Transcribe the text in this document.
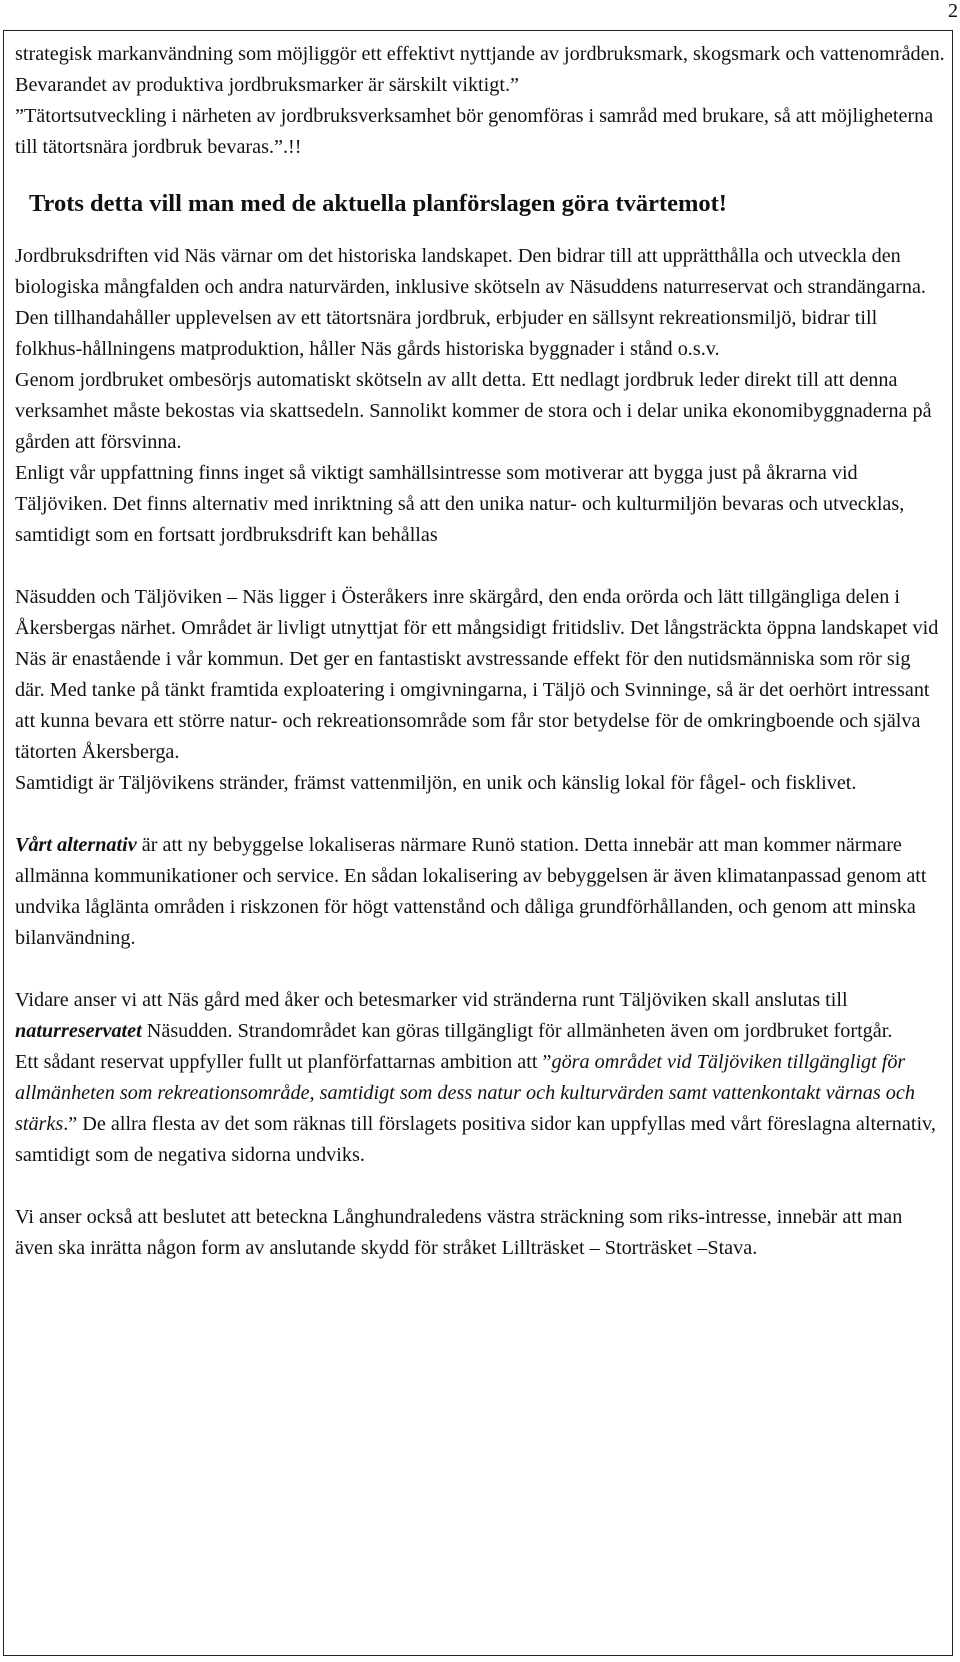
2

strategisk markanvändning som möjliggör ett effektivt nyttjande av jordbruksmark, skogsmark och vattenområden. Bevarandet av produktiva jordbruksmarker är särskilt viktigt.”

”Tätortsutveckling i närheten av jordbruksverksamhet bör genomföras i samråd med brukare, så att möjligheterna till tätortsnära jordbruk bevaras.”.!!

Trots detta vill man med de aktuella planförslagen göra tvärtemot!

Jordbruksdriften vid Näs värnar om det historiska landskapet. Den bidrar till att upprätthålla och utveckla den biologiska mångfalden och andra naturvärden, inklusive skötseln av Näsuddens naturreservat och strandängarna. Den tillhandahåller upplevelsen av ett tätortsnära jordbruk, erbjuder en sällsynt rekreationsmiljö, bidrar till folkhus-hållningens matproduktion, håller Näs gårds historiska byggnader i stånd o.s.v.

Genom jordbruket ombesörjs automatiskt skötseln av allt detta. Ett nedlagt jordbruk leder direkt till att denna verksamhet måste bekostas via skattsedeln. Sannolikt kommer de stora och i delar unika ekonomibyggnaderna på gården att försvinna.

Enligt vår uppfattning finns inget så viktigt samhällsintresse som motiverar att bygga just på åkrarna vid Täljöviken. Det finns alternativ med inriktning så att den unika natur- och kulturmiljön bevaras och utvecklas, samtidigt som en fortsatt jordbruksdrift kan behållas

Näsudden och Täljöviken – Näs ligger i Österåkers inre skärgård, den enda orörda och lätt tillgängliga delen i Åkersbergas närhet. Området är livligt utnyttjat för ett mångsidigt fritidsliv. Det långsträckta öppna landskapet vid Näs är enastående i vår kommun. Det ger en fantastiskt avstressande effekt för den nutidsmänniska som rör sig där. Med tanke på tänkt framtida exploatering i omgivningarna, i Täljö och Svinninge, så är det oerhört intressant att kunna bevara ett större natur- och rekreationsområde som får stor betydelse för de omkringboende och själva tätorten Åkersberga.

Samtidigt är Täljövikens stränder, främst vattenmiljön, en unik och känslig lokal för fågel- och fisklivet.

Vårt alternativ är att ny bebyggelse lokaliseras närmare Runö station. Detta innebär att man kommer närmare allmänna kommunikationer och service. En sådan lokalisering av bebyggelsen är även klimatanpassad genom att undvika låglänta områden i riskzonen för högt vattenstånd och dåliga grundförhållanden, och genom att minska bilanvändning.

Vidare anser vi att Näs gård med åker och betesmarker vid stränderna runt Täljöviken skall anslutas till naturreservatet Näsudden. Strandområdet kan göras tillgängligt för allmänheten även om jordbruket fortgår.

Ett sådant reservat uppfyller fullt ut planförfattarnas ambition att ”göra området vid Täljöviken tillgängligt för allmänheten som rekreationsområde, samtidigt som dess natur och kulturvärden samt vattenkontakt värnas och stärks.” De allra flesta av det som räknas till förslagets positiva sidor kan uppfyllas med vårt föreslagna alternativ, samtidigt som de negativa sidorna undviks.

Vi anser också att beslutet att beteckna Långhundraledens västra sträckning som riks-intresse, innebär att man även ska inrätta någon form av anslutande skydd för stråket Lillträsket – Storträsket –Stava.
